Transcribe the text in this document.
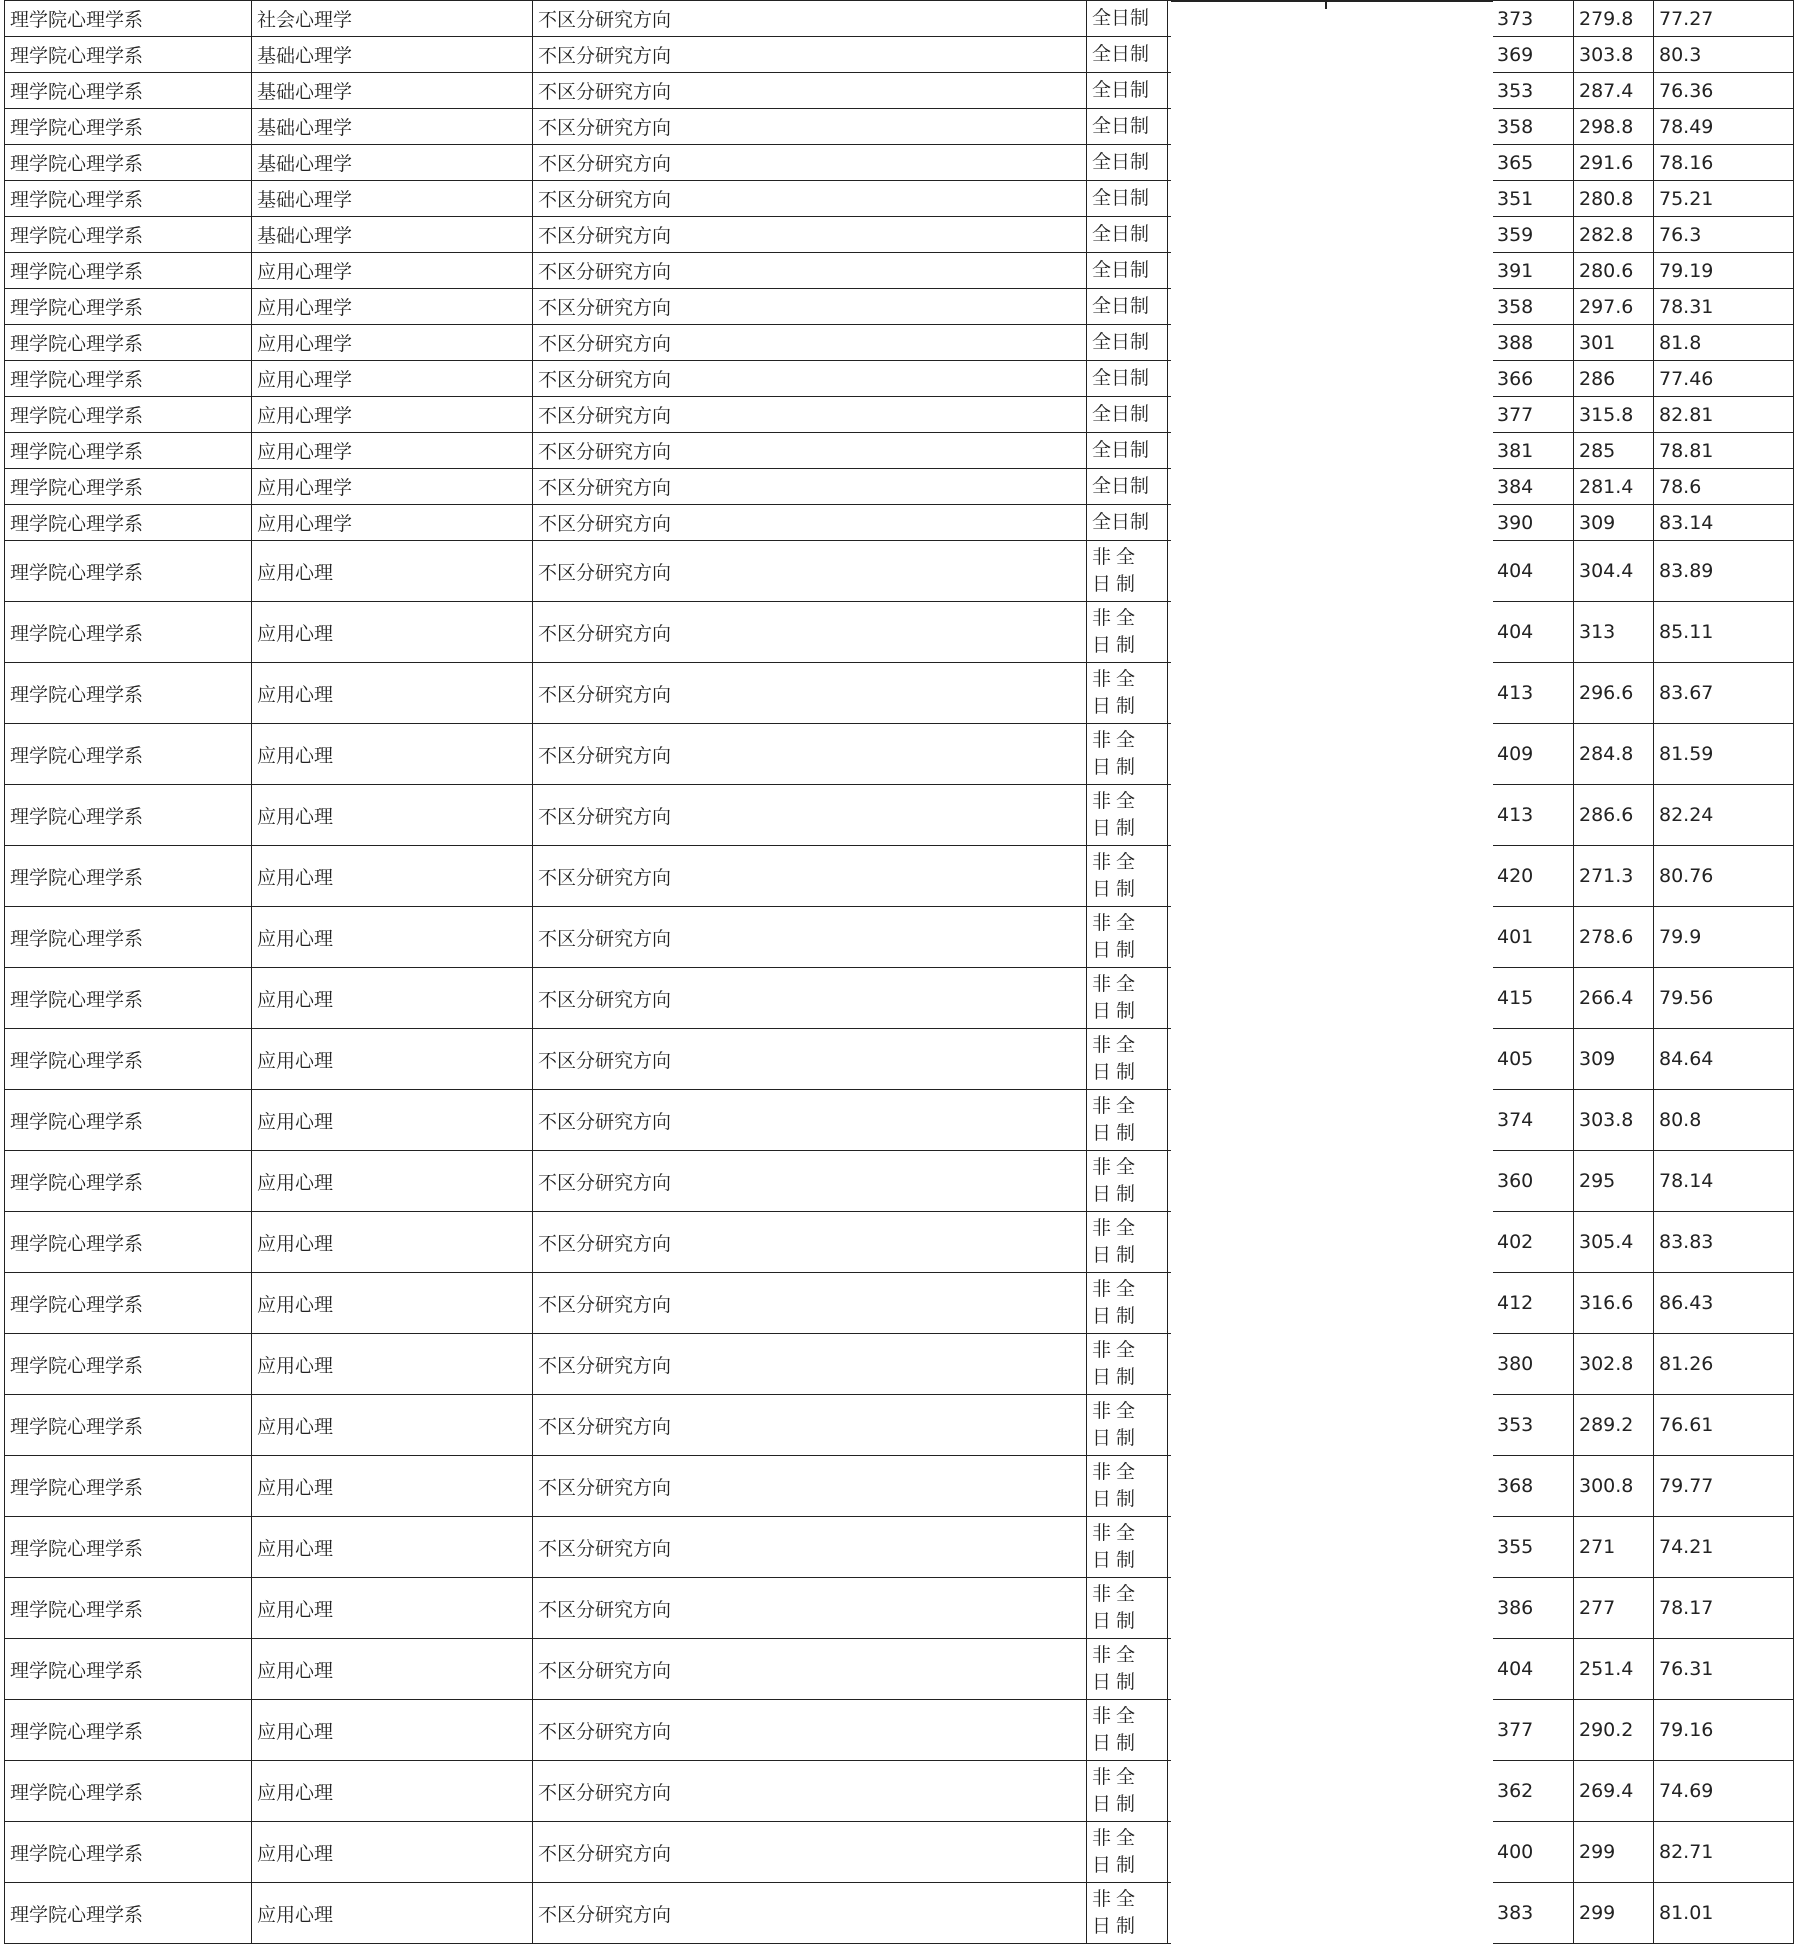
理学院心理学系	社会心理学	不区分研究方向	全日制		373	279.8	77.27
理学院心理学系	基础心理学	不区分研究方向	全日制		369	303.8	80.3
理学院心理学系	基础心理学	不区分研究方向	全日制		353	287.4	76.36
理学院心理学系	基础心理学	不区分研究方向	全日制		358	298.8	78.49
理学院心理学系	基础心理学	不区分研究方向	全日制		365	291.6	78.16
理学院心理学系	基础心理学	不区分研究方向	全日制		351	280.8	75.21
理学院心理学系	基础心理学	不区分研究方向	全日制		359	282.8	76.3
理学院心理学系	应用心理学	不区分研究方向	全日制		391	280.6	79.19
理学院心理学系	应用心理学	不区分研究方向	全日制		358	297.6	78.31
理学院心理学系	应用心理学	不区分研究方向	全日制		388	301	81.8
理学院心理学系	应用心理学	不区分研究方向	全日制		366	286	77.46
理学院心理学系	应用心理学	不区分研究方向	全日制		377	315.8	82.81
理学院心理学系	应用心理学	不区分研究方向	全日制		381	285	78.81
理学院心理学系	应用心理学	不区分研究方向	全日制		384	281.4	78.6
理学院心理学系	应用心理学	不区分研究方向	全日制		390	309	83.14
理学院心理学系	应用心理	不区分研究方向	非全日制		404	304.4	83.89
理学院心理学系	应用心理	不区分研究方向	非全日制		404	313	85.11
理学院心理学系	应用心理	不区分研究方向	非全日制		413	296.6	83.67
理学院心理学系	应用心理	不区分研究方向	非全日制		409	284.8	81.59
理学院心理学系	应用心理	不区分研究方向	非全日制		413	286.6	82.24
理学院心理学系	应用心理	不区分研究方向	非全日制		420	271.3	80.76
理学院心理学系	应用心理	不区分研究方向	非全日制		401	278.6	79.9
理学院心理学系	应用心理	不区分研究方向	非全日制		415	266.4	79.56
理学院心理学系	应用心理	不区分研究方向	非全日制		405	309	84.64
理学院心理学系	应用心理	不区分研究方向	非全日制		374	303.8	80.8
理学院心理学系	应用心理	不区分研究方向	非全日制		360	295	78.14
理学院心理学系	应用心理	不区分研究方向	非全日制		402	305.4	83.83
理学院心理学系	应用心理	不区分研究方向	非全日制		412	316.6	86.43
理学院心理学系	应用心理	不区分研究方向	非全日制		380	302.8	81.26
理学院心理学系	应用心理	不区分研究方向	非全日制		353	289.2	76.61
理学院心理学系	应用心理	不区分研究方向	非全日制		368	300.8	79.77
理学院心理学系	应用心理	不区分研究方向	非全日制		355	271	74.21
理学院心理学系	应用心理	不区分研究方向	非全日制		386	277	78.17
理学院心理学系	应用心理	不区分研究方向	非全日制		404	251.4	76.31
理学院心理学系	应用心理	不区分研究方向	非全日制		377	290.2	79.16
理学院心理学系	应用心理	不区分研究方向	非全日制		362	269.4	74.69
理学院心理学系	应用心理	不区分研究方向	非全日制		400	299	82.71
理学院心理学系	应用心理	不区分研究方向	非全日制		383	299	81.01
